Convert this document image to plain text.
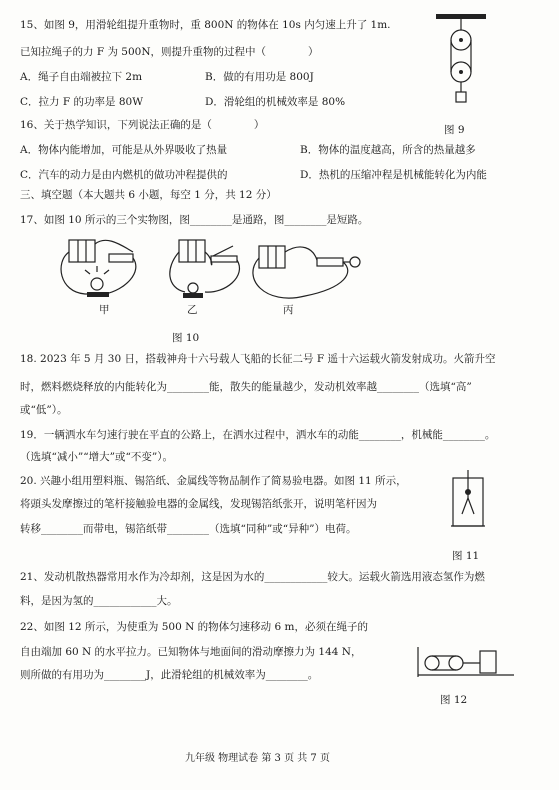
15、如图 9，用滑轮组提升重物时，重 800N 的物体在 10s 内匀速上升了 1m.
已知拉绳子的力 F 为 500N，则提升重物的过程中（　　　　）
A．绳子自由端被拉下 2m	B．做的有用功是 800J
C．拉力 F 的功率是 80W	D．滑轮组的机械效率是 80%
图 9
16、关于热学知识，下列说法正确的是（　　　　）
A．物体内能增加，可能是从外界吸收了热量	B．物体的温度越高，所含的热量越多
C．汽车的动力是由内燃机的做功冲程提供的	D．热机的压缩冲程是机械能转化为内能
三、填空题（本大题共 6 小题，每空 1 分，共 12 分）
17、如图 10 所示的三个实物图，图________是通路，图________是短路。
甲	乙	丙
图 10
18. 2023 年 5 月 30 日，搭载神舟十六号载人飞船的长征二号 F 遥十六运载火箭发射成功。火箭升空
时，燃料燃烧释放的内能转化为________能，散失的能量越少，发动机效率越________（选填“高”
或“低”）。
19．一辆洒水车匀速行驶在平直的公路上，在洒水过程中，洒水车的动能________，机械能________。
（选填“减小”“增大”或“不变”）。
20. 兴趣小组用塑料瓶、锡箔纸、金属线等物品制作了简易验电器。如图 11 所示，
将頭头发摩擦过的笔杆接触验电器的金属线，发现锡箔纸张开，说明笔杆因为
转移________而带电，锡箔纸带________（选填“同种”或“异种”）电荷。
图 11
21、发动机散热器常用水作为冷却剂，这是因为水的____________较大。运载火箭选用液态氢作为燃
料，是因为氢的____________大。
22、如图 12 所示，为使重为 500 N 的物体匀速移动 6 m，必须在绳子的
自由端加 60 N 的水平拉力。已知物体与地面间的滑动摩擦力为 144 N，
则所做的有用功为________J，此滑轮组的机械效率为________。
图 12
九年级 物理试卷 第 3 页 共 7 页
